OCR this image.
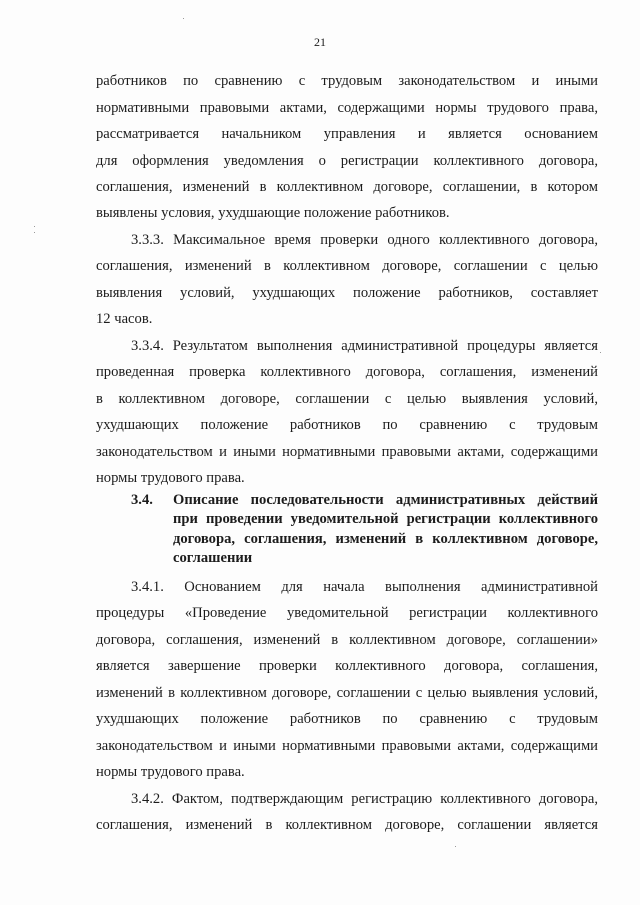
21
работников по сравнению с трудовым законодательством и иными
нормативными правовыми актами, содержащими нормы трудового права,
рассматривается начальником управления и является основанием
для оформления уведомления о регистрации коллективного договора,
соглашения, изменений в коллективном договоре, соглашении, в котором
выявлены условия, ухудшающие положение работников.
3.3.3. Максимальное время проверки одного коллективного договора,
соглашения, изменений в коллективном договоре, соглашении с целью
выявления условий, ухудшающих положение работников, составляет
12 часов.
3.3.4. Результатом выполнения административной процедуры является
проведенная проверка коллективного договора, соглашения, изменений
в коллективном договоре, соглашении с целью выявления условий,
ухудшающих положение работников по сравнению с трудовым
законодательством и иными нормативными правовыми актами, содержащими
нормы трудового права.
3.4. Описание последовательности административных действий
при проведении уведомительной регистрации коллективного
договора, соглашения, изменений в коллективном договоре,
соглашении
3.4.1. Основанием для начала выполнения административной
процедуры «Проведение уведомительной регистрации коллективного
договора, соглашения, изменений в коллективном договоре, соглашении»
является завершение проверки коллективного договора, соглашения,
изменений в коллективном договоре, соглашении с целью выявления условий,
ухудшающих положение работников по сравнению с трудовым
законодательством и иными нормативными правовыми актами, содержащими
нормы трудового права.
3.4.2. Фактом, подтверждающим регистрацию коллективного договора,
соглашения, изменений в коллективном договоре, соглашении является
